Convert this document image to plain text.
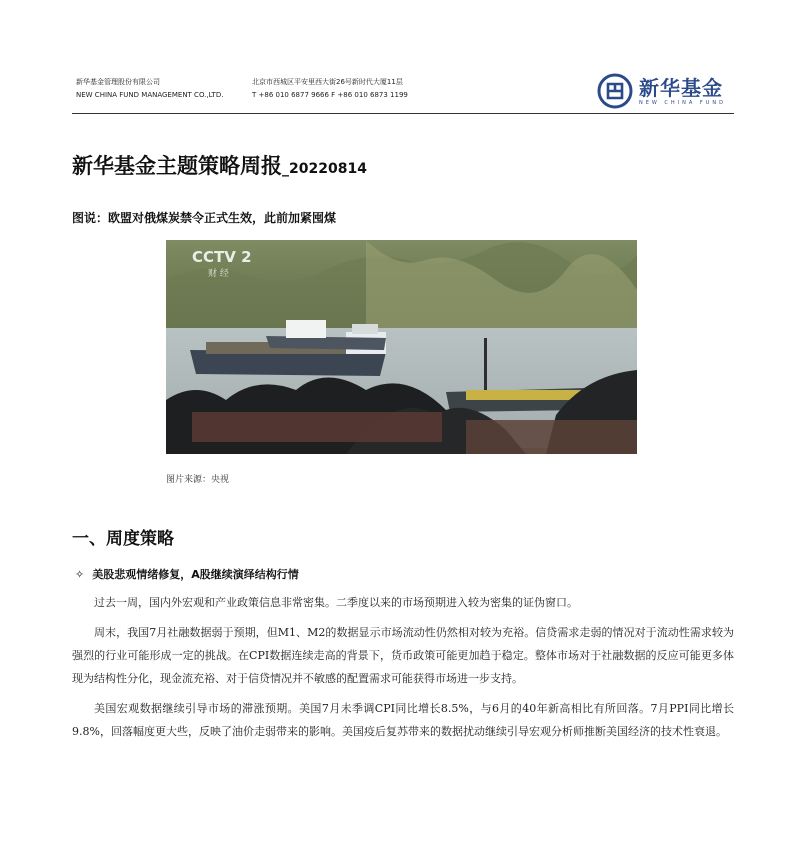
新华基金管理股份有限公司
NEW CHINA FUND MANAGEMENT CO.,LTD.
北京市西城区平安里西大街26号新时代大厦11层
T +86 010 6877 9666 F +86 010 6873 1199	新华基金
NEW CHINA FUND
新华基金主题策略周报_20220814
图说：欧盟对俄煤炭禁令正式生效，此前加紧囤煤
CCTV 2
财 经
图片来源：央视
一、周度策略
✧ 美股悲观情绪修复，A股继续演绎结构行情
过去一周，国内外宏观和产业政策信息非常密集。二季度以来的市场预期进入较为密集的证伪窗口。
周末，我国7月社融数据弱于预期，但M1、M2的数据显示市场流动性仍然相对较为充裕。信贷需求走弱的情况对于流动性需求较为强烈的行业可能形成一定的挑战。在CPI数据连续走高的背景下，货币政策可能更加趋于稳定。整体市场对于社融数据的反应可能更多体现为结构性分化，现金流充裕、对于信贷情况并不敏感的配置需求可能获得市场进一步支持。
美国宏观数据继续引导市场的滞涨预期。美国7月未季调CPI同比增长8.5%，与6月的40年新高相比有所回落。7月PPI同比增长9.8%，回落幅度更大些，反映了油价走弱带来的影响。美国疫后复苏带来的数据扰动继续引导宏观分析师推断美国经济的技术性衰退。
